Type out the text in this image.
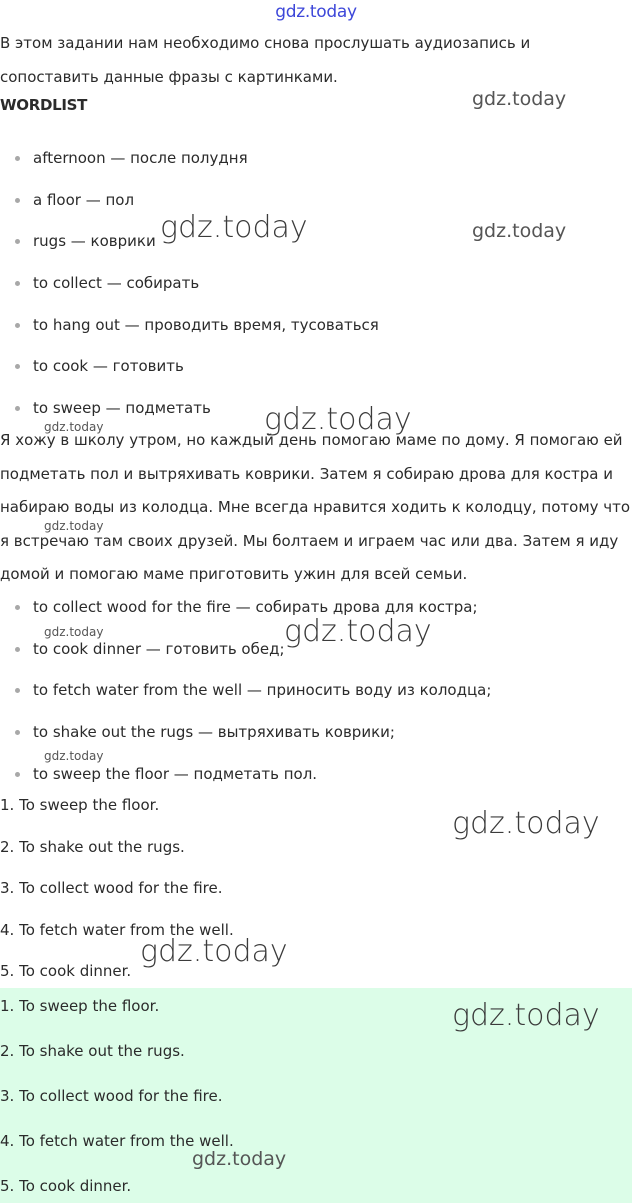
gdz.today

В этом задании нам необходимо снова прослушать аудиозапись и сопоставить данные фразы с картинками.

WORDLIST
afternoon — после полудня
a floor — пол
rugs — коврики
to collect — собирать
to hang out — проводить время, тусоваться
to cook — готовить
to sweep — подметать

Я хожу в школу утром, но каждый день помогаю маме по дому. Я помогаю ей подметать пол и вытряхивать коврики. Затем я собираю дрова для костра и набираю воды из колодца. Мне всегда нравится ходить к колодцу, потому что я встречаю там своих друзей. Мы болтаем и играем час или два. Затем я иду домой и помогаю маме приготовить ужин для всей семьи.

to collect wood for the fire — собирать дрова для костра;
to cook dinner — готовить обед;
to fetch water from the well — приносить воду из колодца;
to shake out the rugs — вытряхивать коврики;
to sweep the floor — подметать пол.
1. To sweep the floor.
2. To shake out the rugs.
3. To collect wood for the fire.
4. To fetch water from the well.
5. To cook dinner.
1. To sweep the floor.
2. To shake out the rugs.
3. To collect wood for the fire.
4. To fetch water from the well.
5. To cook dinner.
gdz.today
gdz.today	gdz.today
gdz.today
gdz.today
gdz.today
gdz.today	gdz.today
gdz.today
gdz.today
gdz.today
gdz.today
gdz.today
